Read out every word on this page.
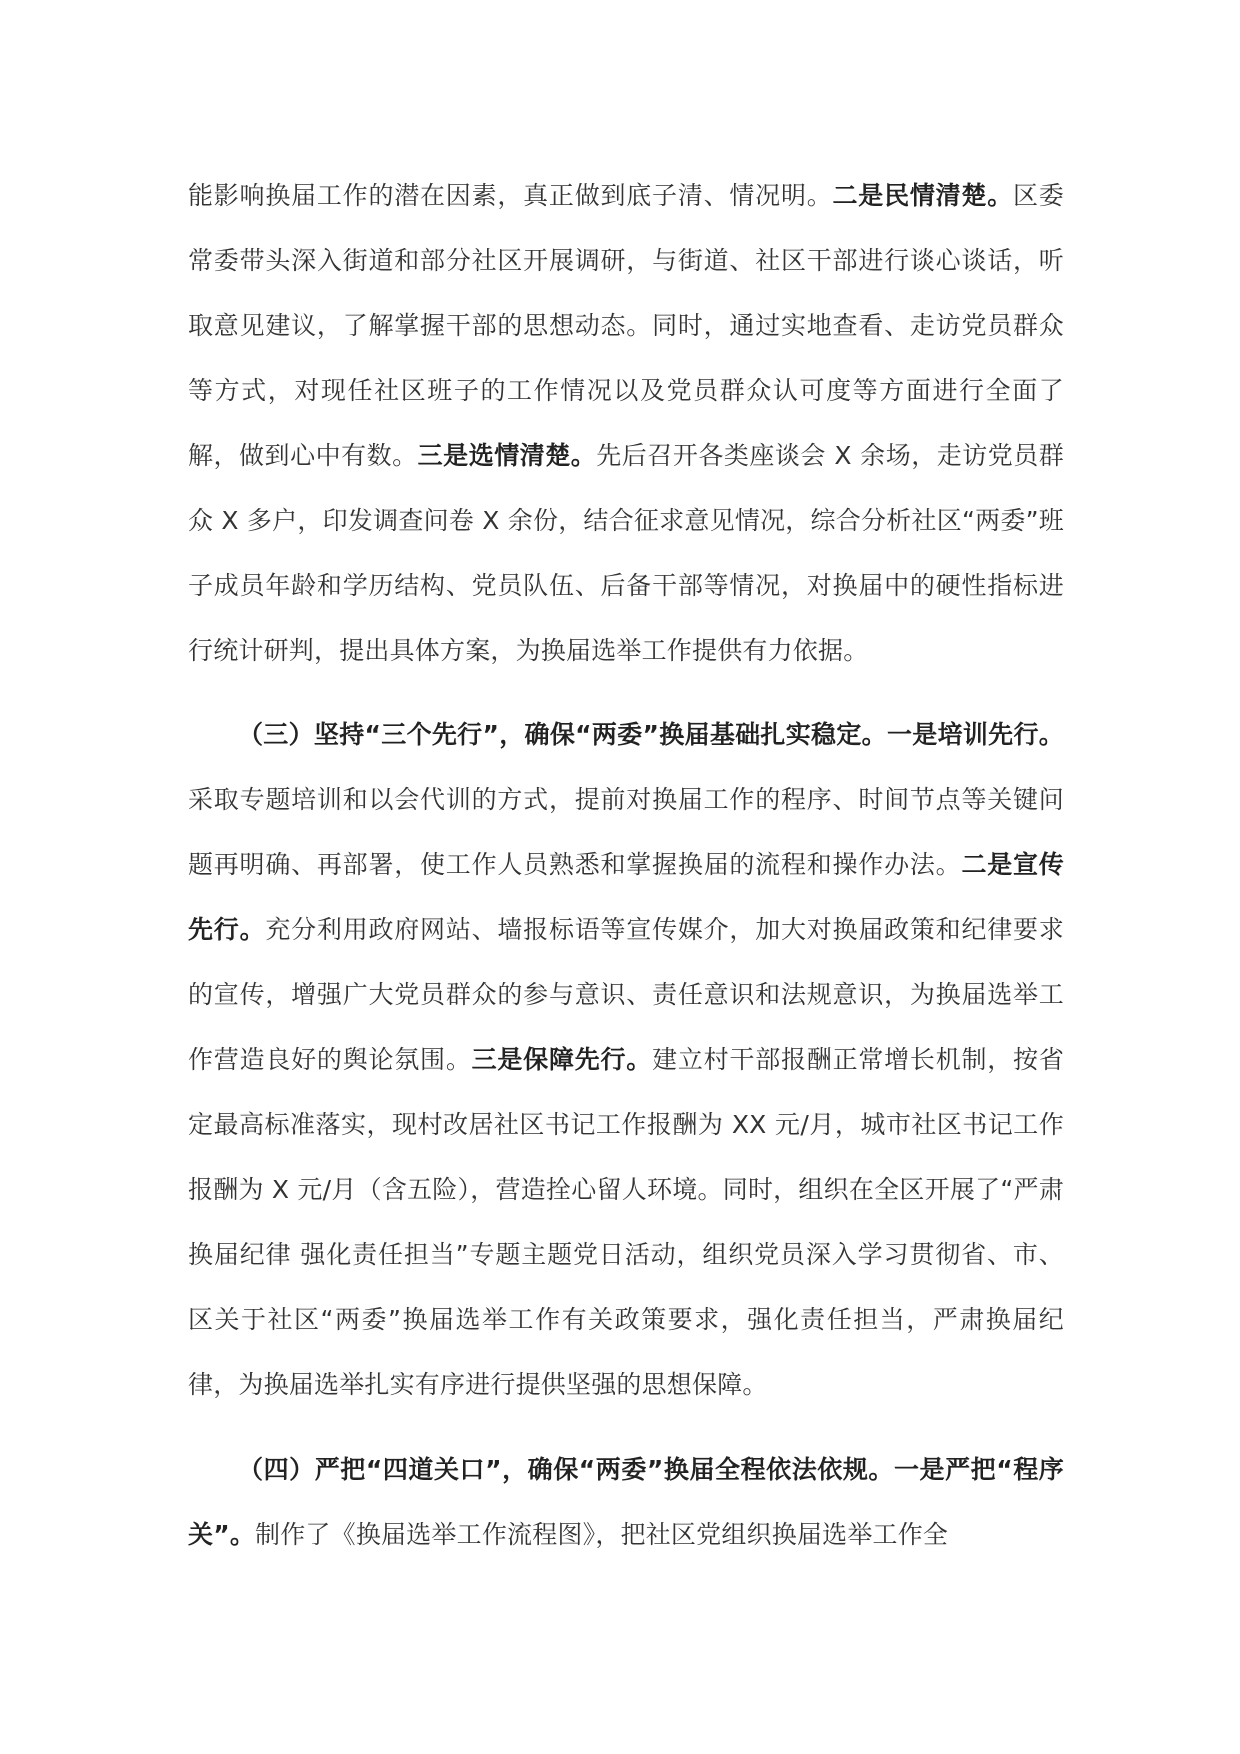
能影响换届工作的潜在因素，真正做到底子清、情况明。二是民情清楚。区委常委带头深入街道和部分社区开展调研，与街道、社区干部进行谈心谈话，听取意见建议，了解掌握干部的思想动态。同时，通过实地查看、走访党员群众等方式，对现任社区班子的工作情况以及党员群众认可度等方面进行全面了解，做到心中有数。三是选情清楚。先后召开各类座谈会 X 余场，走访党员群众 X 多户，印发调查问卷 X 余份，结合征求意见情况，综合分析社区“两委”班子成员年龄和学历结构、党员队伍、后备干部等情况，对换届中的硬性指标进行统计研判，提出具体方案，为换届选举工作提供有力依据。

（三）坚持“三个先行”，确保“两委”换届基础扎实稳定。一是培训先行。采取专题培训和以会代训的方式，提前对换届工作的程序、时间节点等关键问题再明确、再部署，使工作人员熟悉和掌握换届的流程和操作办法。二是宣传先行。充分利用政府网站、墙报标语等宣传媒介，加大对换届政策和纪律要求的宣传，增强广大党员群众的参与意识、责任意识和法规意识，为换届选举工作营造良好的舆论氛围。三是保障先行。建立村干部报酬正常增长机制，按省定最高标准落实，现村改居社区书记工作报酬为 XX 元/月，城市社区书记工作报酬为 X 元/月（含五险），营造拴心留人环境。同时，组织在全区开展了“严肃换届纪律 强化责任担当”专题主题党日活动，组织党员深入学习贯彻省、市、区关于社区“两委”换届选举工作有关政策要求，强化责任担当，严肃换届纪律，为换届选举扎实有序进行提供坚强的思想保障。

（四）严把“四道关口”，确保“两委”换届全程依法依规。一是严把“程序关”。制作了《换届选举工作流程图》，把社区党组织换届选举工作全
